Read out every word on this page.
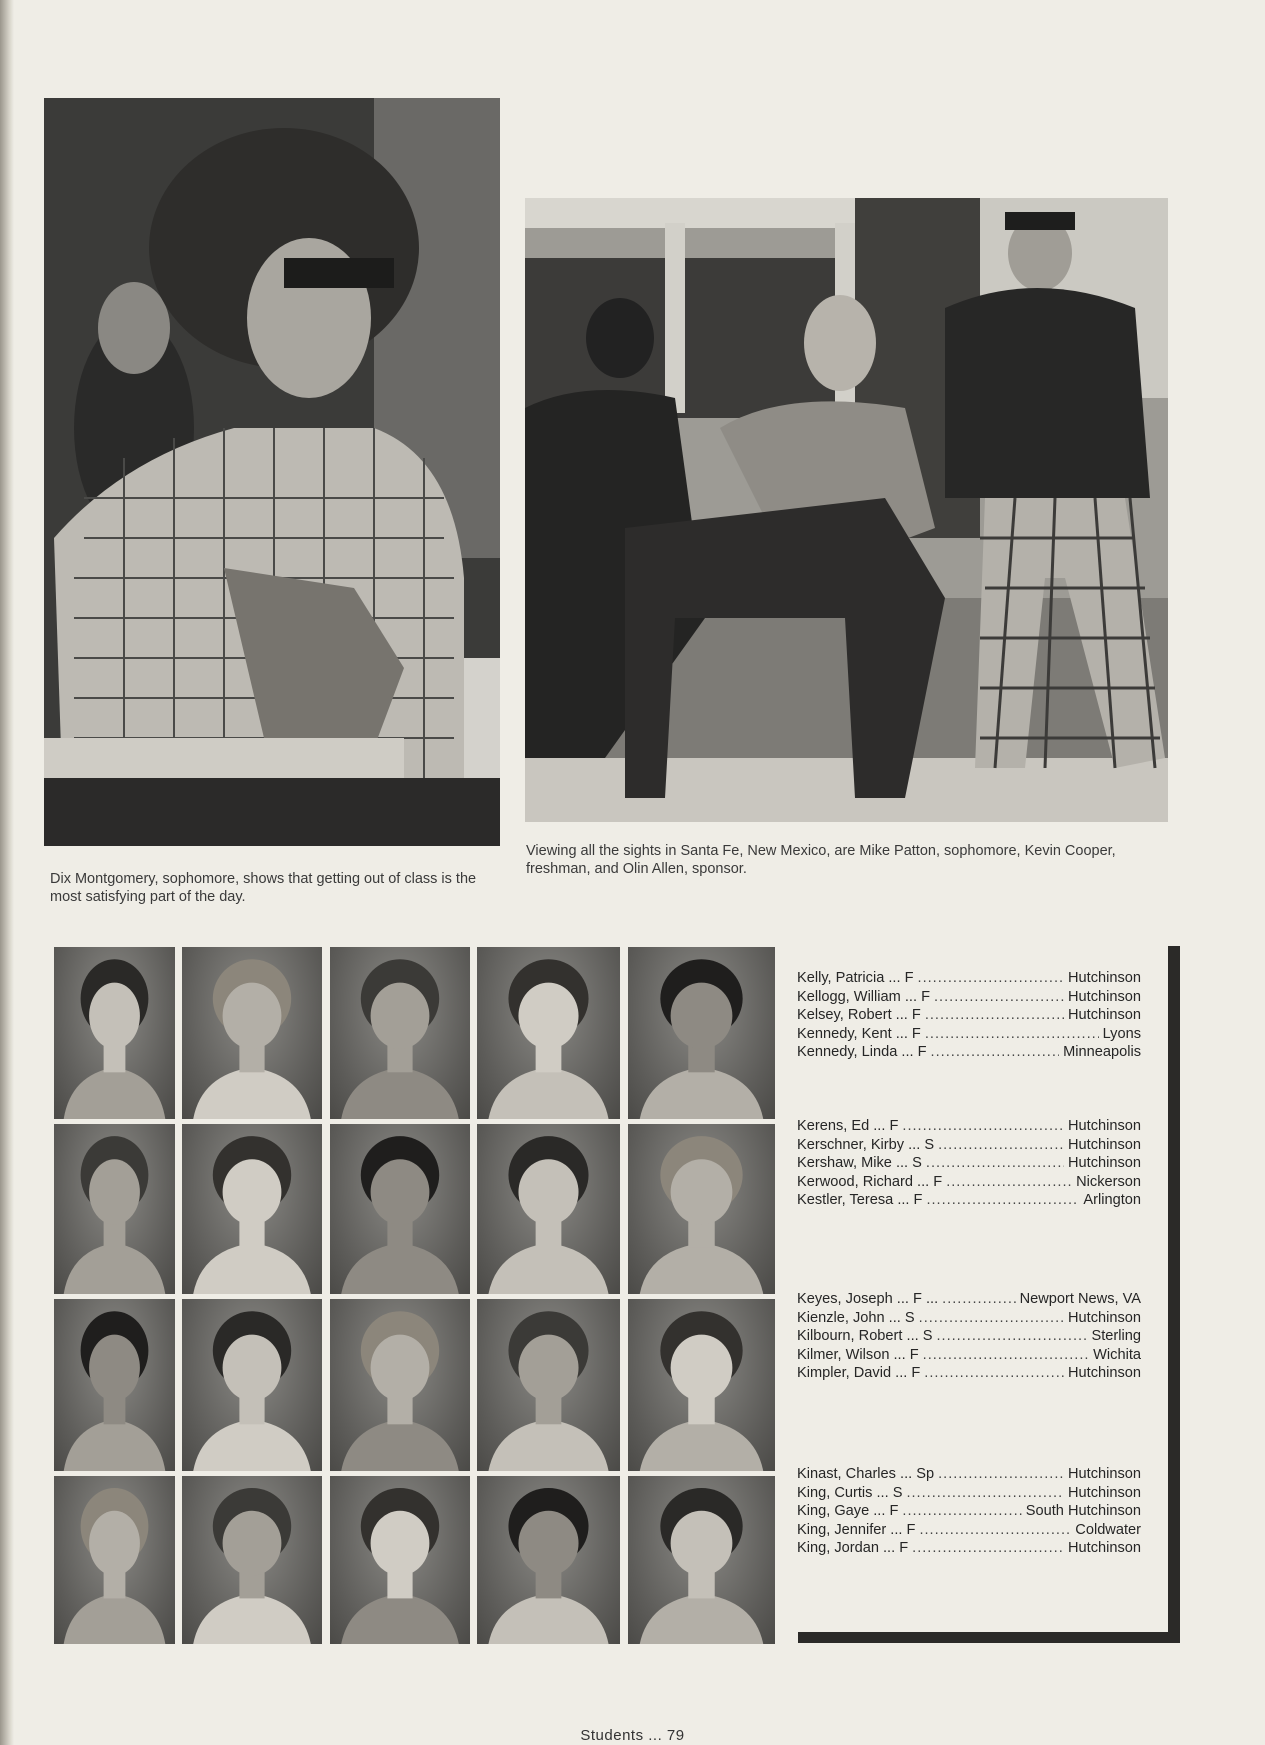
Dix Montgomery, sophomore, shows that getting out of class is the most satisfying part of the day.
Viewing all the sights in Santa Fe, New Mexico, are Mike Patton, sophomore, Kevin Cooper, freshman, and Olin Allen, sponsor.
Kelly, Patricia ... F .....	Hutchinson
Kellogg, William ... F .....	Hutchinson
Kelsey, Robert ... F .....	Hutchinson
Kennedy, Kent ... F .....	Lyons
Kennedy, Linda ... F .....	Minneapolis
Kerens, Ed ... F .....	Hutchinson
Kerschner, Kirby ... S .....	Hutchinson
Kershaw, Mike ... S .....	Hutchinson
Kerwood, Richard ... F .....	Nickerson
Kestler, Teresa ... F .....	Arlington
Keyes, Joseph ... F ... .....	Newport News, VA
Kienzle, John ... S .....	Hutchinson
Kilbourn, Robert ... S .....	Sterling
Kilmer, Wilson ... F .....	Wichita
Kimpler, David ... F .....	Hutchinson
Kinast, Charles ... Sp .....	Hutchinson
King, Curtis ... S .....	Hutchinson
King, Gaye ... F .....	South Hutchinson
King, Jennifer ... F .....	Coldwater
King, Jordan ... F .....	Hutchinson
Students ... 79
